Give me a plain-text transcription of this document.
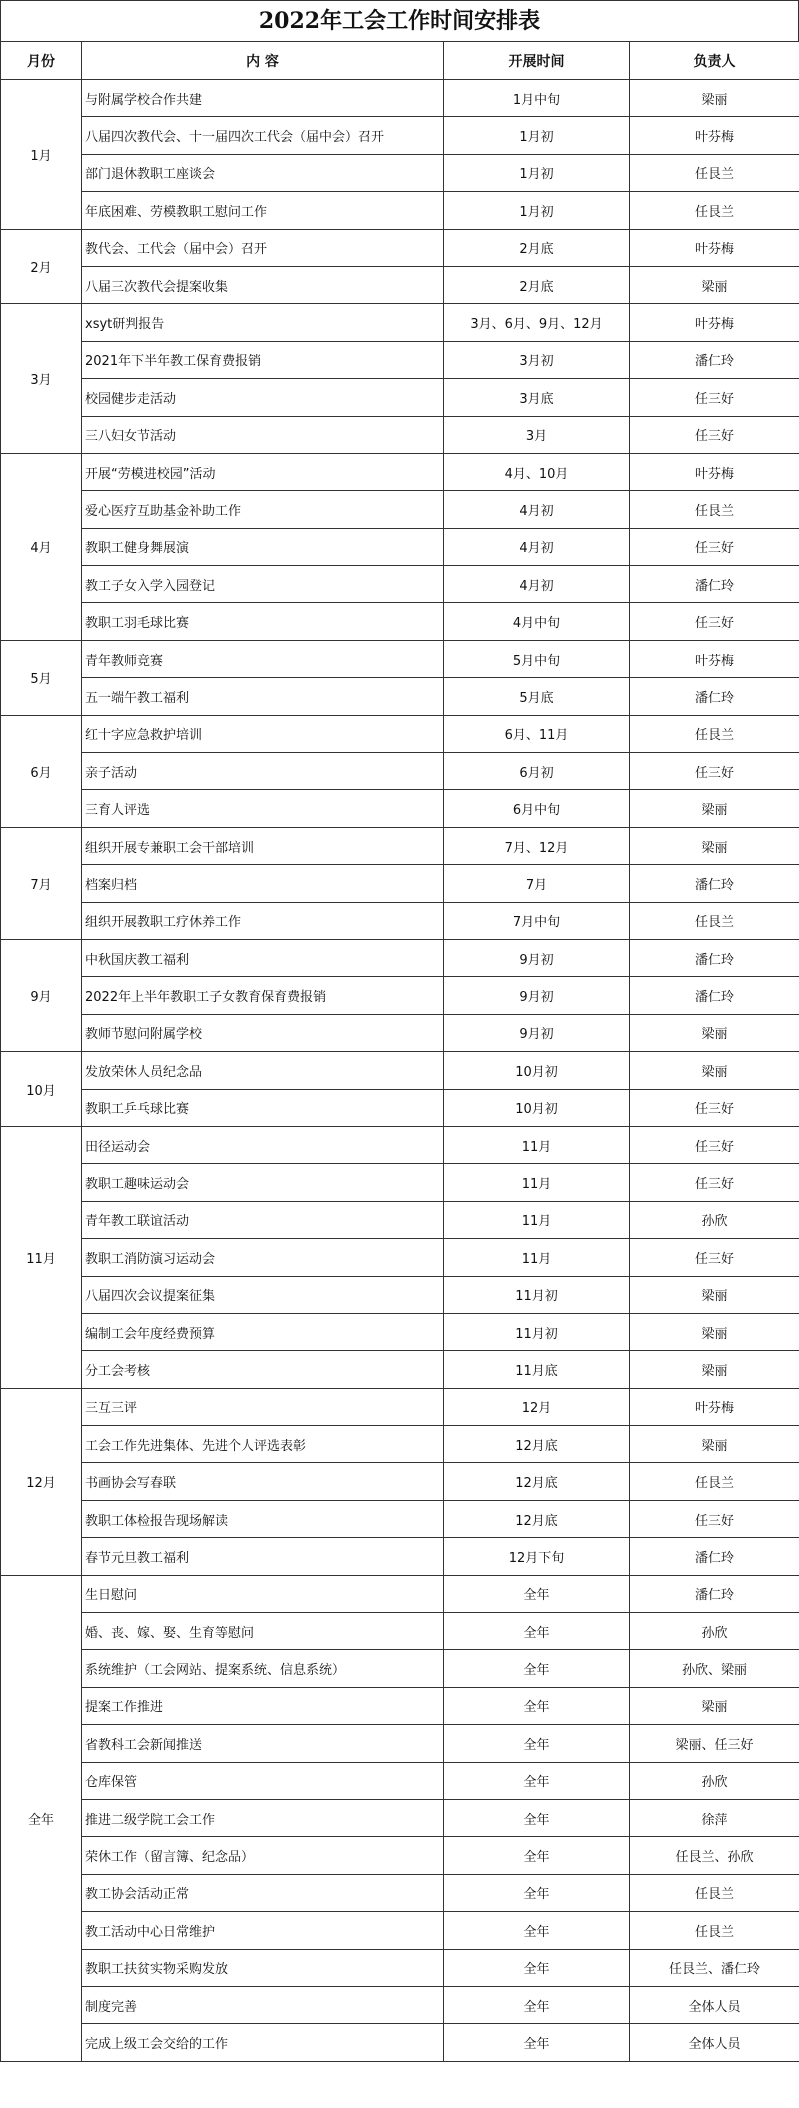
2022年工会工作时间安排表
月份	内 容	开展时间	负责人
1月	与附属学校合作共建	1月中旬	梁丽
	八届四次教代会、十一届四次工代会（届中会）召开	1月初	叶芬梅
	部门退休教职工座谈会	1月初	任艮兰
	年底困难、劳模教职工慰问工作	1月初	任艮兰
2月	教代会、工代会（届中会）召开	2月底	叶芬梅
	八届三次教代会提案收集	2月底	梁丽
3月	xsyt研判报告	3月、6月、9月、12月	叶芬梅
	2021年下半年教工保育费报销	3月初	潘仁玲
	校园健步走活动	3月底	任三好
	三八妇女节活动	3月	任三好
4月	开展“劳模进校园”活动	4月、10月	叶芬梅
	爱心医疗互助基金补助工作	4月初	任艮兰
	教职工健身舞展演	4月初	任三好
	教工子女入学入园登记	4月初	潘仁玲
	教职工羽毛球比赛	4月中旬	任三好
5月	青年教师竞赛	5月中旬	叶芬梅
	五一端午教工福利	5月底	潘仁玲
6月	红十字应急救护培训	6月、11月	任艮兰
	亲子活动	6月初	任三好
	三育人评选	6月中旬	梁丽
7月	组织开展专兼职工会干部培训	7月、12月	梁丽
	档案归档	7月	潘仁玲
	组织开展教职工疗休养工作	7月中旬	任艮兰
9月	中秋国庆教工福利	9月初	潘仁玲
	2022年上半年教职工子女教育保育费报销	9月初	潘仁玲
	教师节慰问附属学校	9月初	梁丽
10月	发放荣休人员纪念品	10月初	梁丽
	教职工乒乓球比赛	10月初	任三好
11月	田径运动会	11月	任三好
	教职工趣味运动会	11月	任三好
	青年教工联谊活动	11月	孙欣
	教职工消防演习运动会	11月	任三好
	八届四次会议提案征集	11月初	梁丽
	编制工会年度经费预算	11月初	梁丽
	分工会考核	11月底	梁丽
12月	三互三评	12月	叶芬梅
	工会工作先进集体、先进个人评选表彰	12月底	梁丽
	书画协会写春联	12月底	任艮兰
	教职工体检报告现场解读	12月底	任三好
	春节元旦教工福利	12月下旬	潘仁玲
全年	生日慰问	全年	潘仁玲
	婚、丧、嫁、娶、生育等慰问	全年	孙欣
	系统维护（工会网站、提案系统、信息系统）	全年	孙欣、梁丽
	提案工作推进	全年	梁丽
	省教科工会新闻推送	全年	梁丽、任三好
	仓库保管	全年	孙欣
	推进二级学院工会工作	全年	徐萍
	荣休工作（留言簿、纪念品）	全年	任艮兰、孙欣
	教工协会活动正常	全年	任艮兰
	教工活动中心日常维护	全年	任艮兰
	教职工扶贫实物采购发放	全年	任艮兰、潘仁玲
	制度完善	全年	全体人员
	完成上级工会交给的工作	全年	全体人员
